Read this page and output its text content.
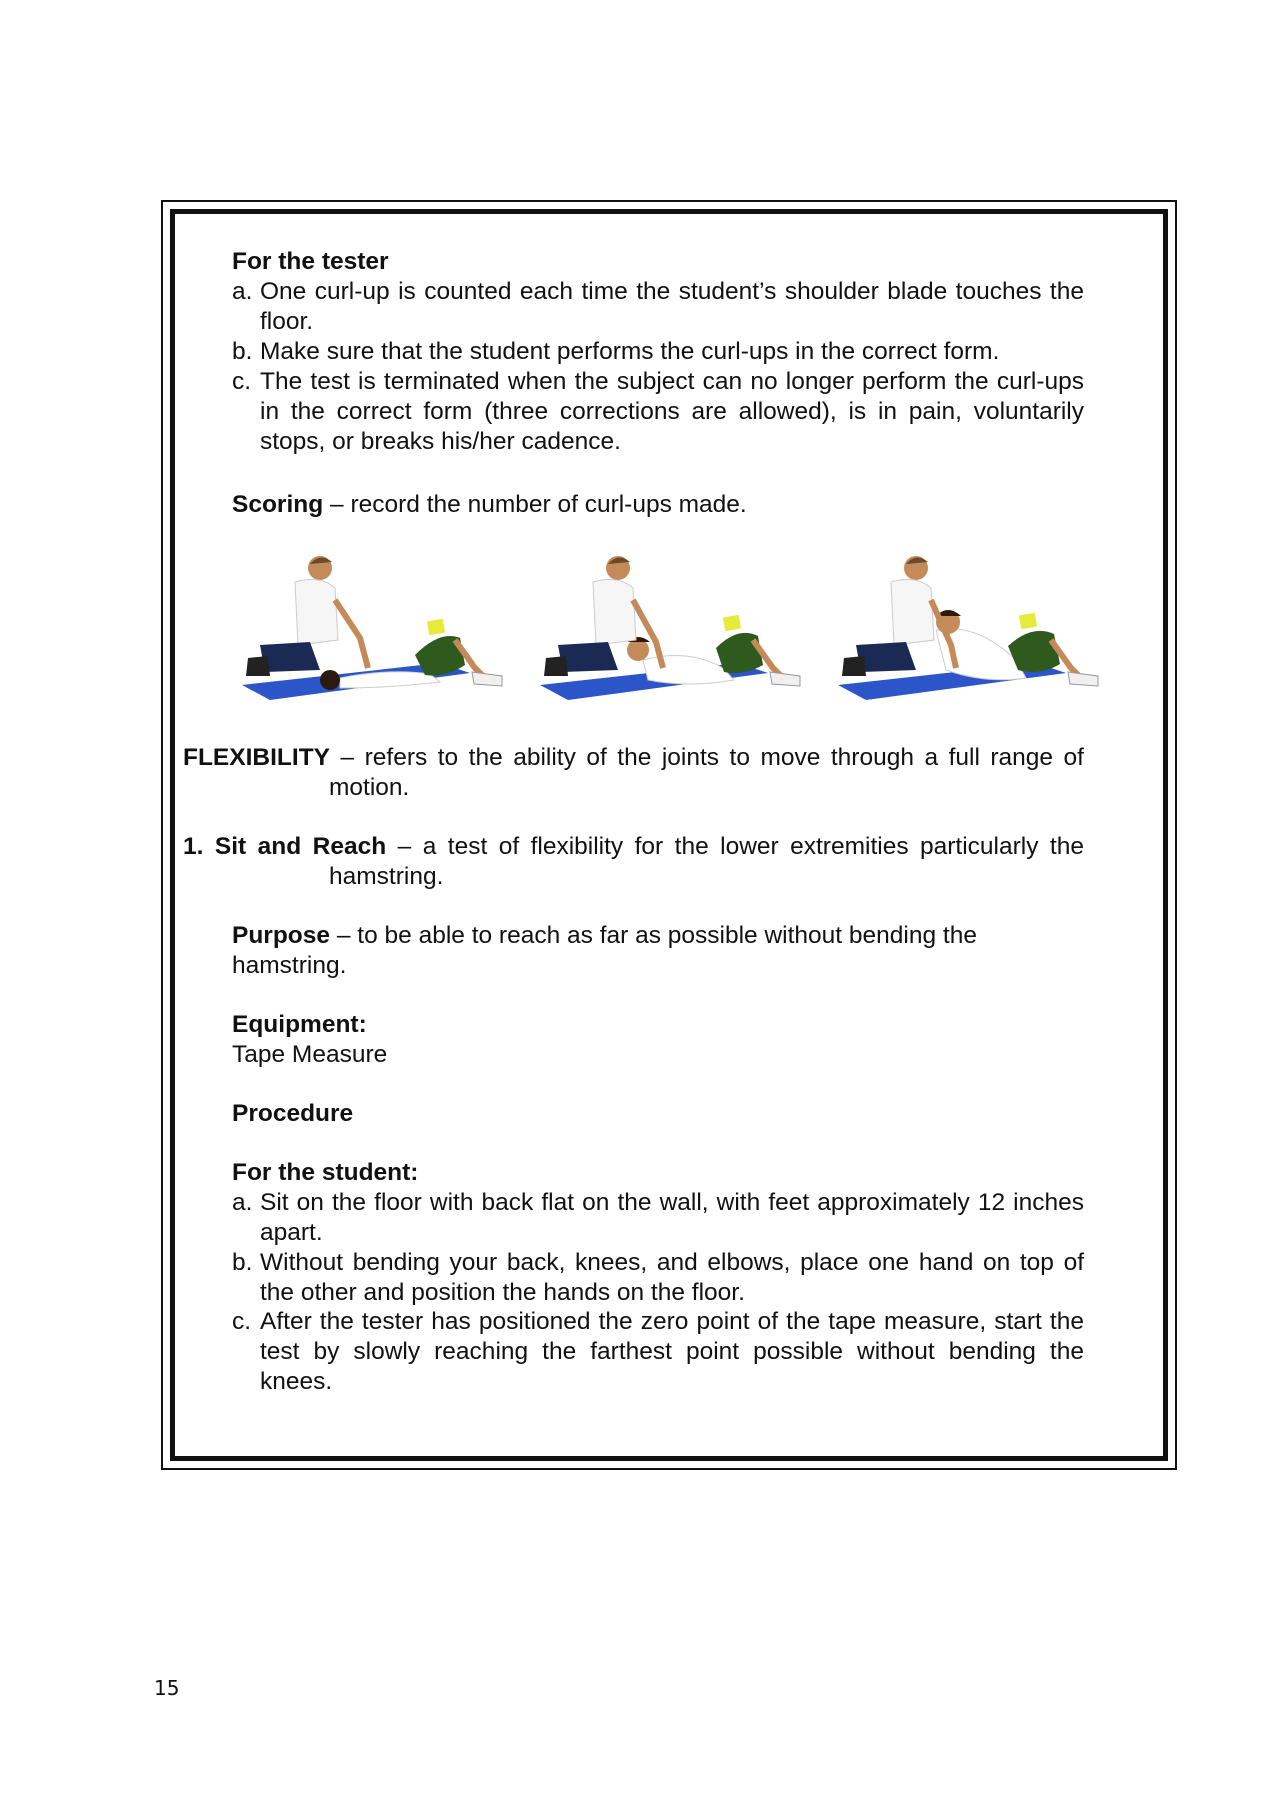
For the tester
a. One curl-up is counted each time the student’s shoulder blade touches the floor.
b. Make sure that the student performs the curl-ups in the correct form.
c. The test is terminated when the subject can no longer perform the curl-ups in the correct form (three corrections are allowed), is in pain, voluntarily stops, or breaks his/her cadence.
Scoring – record the number of curl-ups made.
FLEXIBILITY – refers to the ability of the joints to move through a full range of
motion.
1. Sit and Reach – a test of flexibility for the lower extremities particularly the
hamstring.
Purpose – to be able to reach as far as possible without bending the
hamstring.
Equipment:
Tape Measure
Procedure
For the student:
a. Sit on the floor with back flat on the wall, with feet approximately 12 inches apart.
b. Without bending your back, knees, and elbows, place one hand on top of the other and position the hands on the floor.
c. After the tester has positioned the zero point of the tape measure, start the test by slowly reaching the farthest point possible without bending the knees.
15
